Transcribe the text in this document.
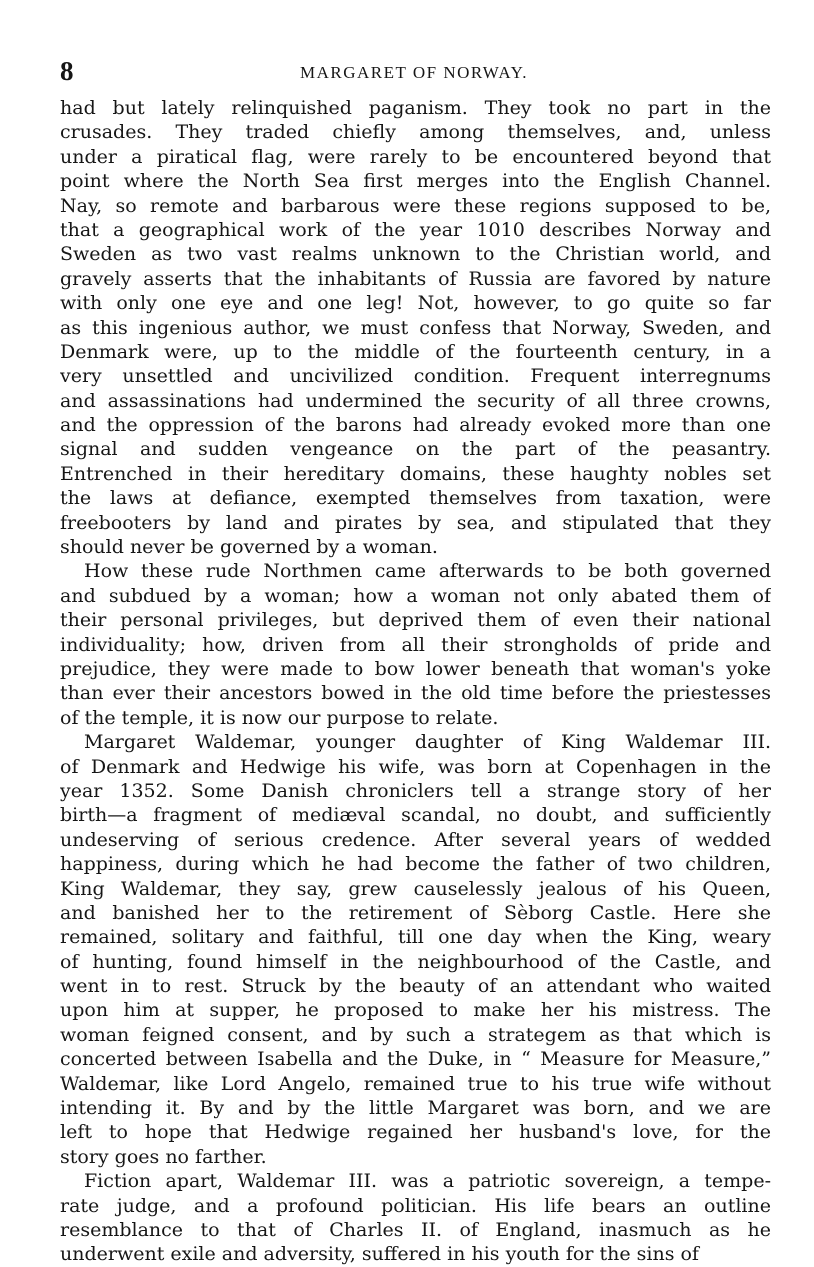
8	MARGARET OF NORWAY.
had but lately relinquished paganism. They took no part in the
crusades. They traded chiefly among themselves, and, unless
under a piratical flag, were rarely to be encountered beyond that
point where the North Sea first merges into the English Channel.
Nay, so remote and barbarous were these regions supposed to be,
that a geographical work of the year 1010 describes Norway and
Sweden as two vast realms unknown to the Christian world, and
gravely asserts that the inhabitants of Russia are favored by nature
with only one eye and one leg! Not, however, to go quite so far
as this ingenious author, we must confess that Norway, Sweden, and
Denmark were, up to the middle of the fourteenth century, in a
very unsettled and uncivilized condition. Frequent interregnums
and assassinations had undermined the security of all three crowns,
and the oppression of the barons had already evoked more than one
signal and sudden vengeance on the part of the peasantry.
Entrenched in their hereditary domains, these haughty nobles set
the laws at defiance, exempted themselves from taxation, were
freebooters by land and pirates by sea, and stipulated that they
should never be governed by a woman.
How these rude Northmen came afterwards to be both governed
and subdued by a woman; how a woman not only abated them of
their personal privileges, but deprived them of even their national
individuality; how, driven from all their strongholds of pride and
prejudice, they were made to bow lower beneath that woman's yoke
than ever their ancestors bowed in the old time before the priestesses
of the temple, it is now our purpose to relate.
Margaret Waldemar, younger daughter of King Waldemar III.
of Denmark and Hedwige his wife, was born at Copenhagen in the
year 1352. Some Danish chroniclers tell a strange story of her
birth—a fragment of mediæval scandal, no doubt, and sufficiently
undeserving of serious credence. After several years of wedded
happiness, during which he had become the father of two children,
King Waldemar, they say, grew causelessly jealous of his Queen,
and banished her to the retirement of Sèborg Castle. Here she
remained, solitary and faithful, till one day when the King, weary
of hunting, found himself in the neighbourhood of the Castle, and
went in to rest. Struck by the beauty of an attendant who waited
upon him at supper, he proposed to make her his mistress. The
woman feigned consent, and by such a strategem as that which is
concerted between Isabella and the Duke, in “ Measure for Measure,”
Waldemar, like Lord Angelo, remained true to his true wife without
intending it. By and by the little Margaret was born, and we are
left to hope that Hedwige regained her husband's love, for the
story goes no farther.
Fiction apart, Waldemar III. was a patriotic sovereign, a tempe-
rate judge, and a profound politician. His life bears an outline
resemblance to that of Charles II. of England, inasmuch as he
underwent exile and adversity, suffered in his youth for the sins of
